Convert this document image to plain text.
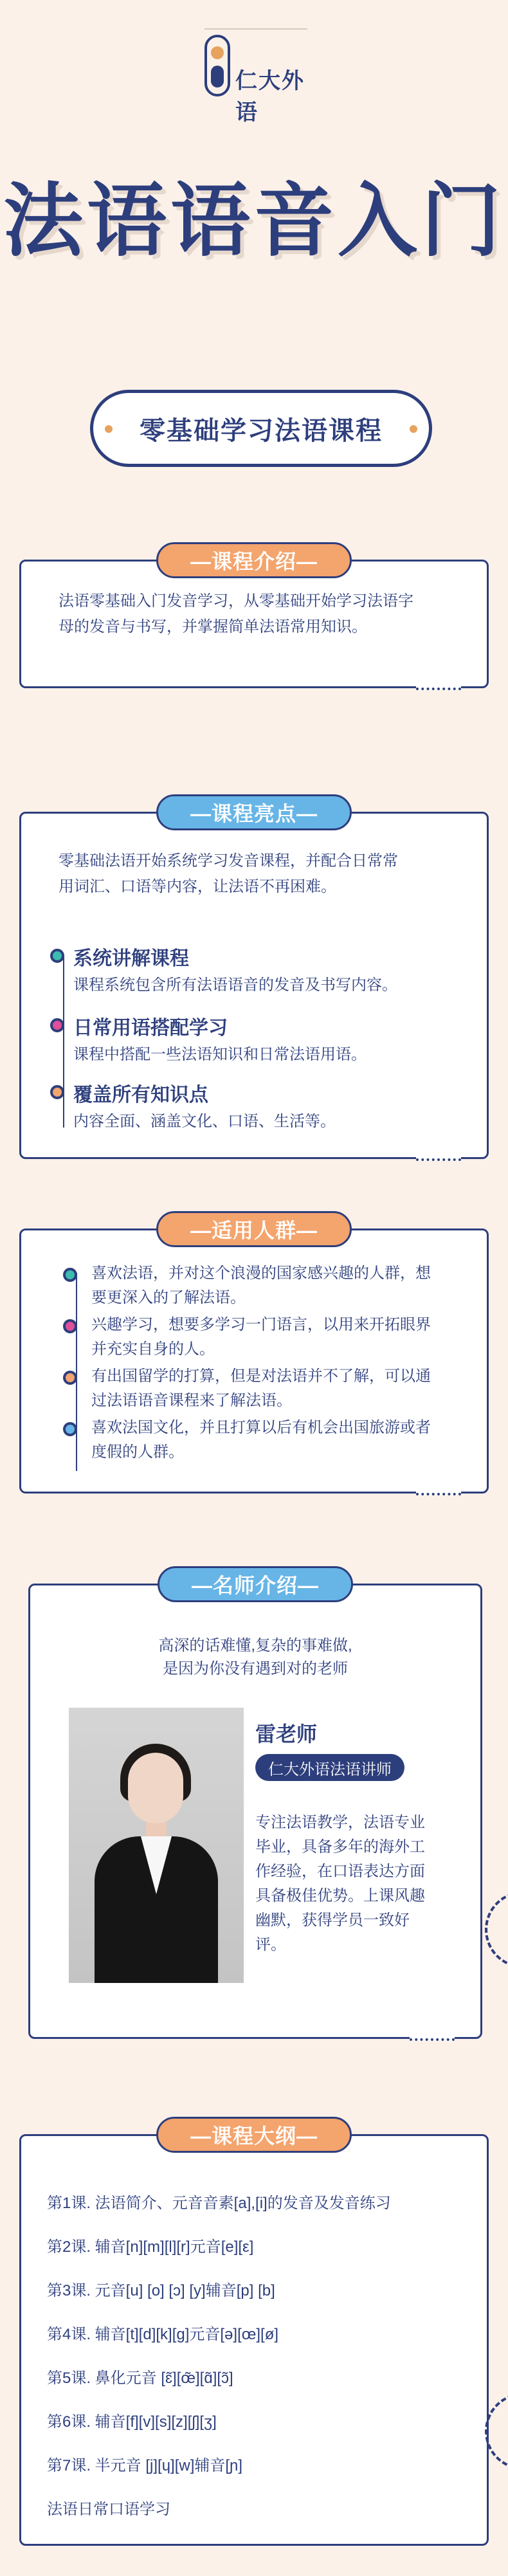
仁大外语
法语语音入门
零基础学习法语课程
—课程介绍—
法语零基础入门发音学习，从零基础开始学习法语字
母的发音与书写，并掌握简单法语常用知识。
—课程亮点—
零基础法语开始系统学习发音课程，并配合日常常
用词汇、口语等内容，让法语不再困难。
系统讲解课程
课程系统包含所有法语语音的发音及书写内容。
日常用语搭配学习
课程中搭配一些法语知识和日常法语用语。
覆盖所有知识点
内容全面、涵盖文化、口语、生活等。
—适用人群—
喜欢法语，并对这个浪漫的国家感兴趣的人群，想
要更深入的了解法语。
兴趣学习，想要多学习一门语言，以用来开拓眼界
并充实自身的人。
有出国留学的打算，但是对法语并不了解，可以通
过法语语音课程来了解法语。
喜欢法国文化，并且打算以后有机会出国旅游或者
度假的人群。
—名师介绍—
高深的话难懂,复杂的事难做,
是因为你没有遇到对的老师
雷老师
仁大外语法语讲师
专注法语教学，法语专业
毕业，具备多年的海外工
作经验，在口语表达方面
具备极佳优势。上课风趣
幽默，获得学员一致好
评。
—课程大纲—
第1课. 法语简介、元音音素[a],[i]的发音及发音练习
第2课. 辅音[n][m][l][r]元音[e][ε]
第3课. 元音[u] [o] [ɔ] [y]辅音[p] [b]
第4课. 辅音[t][d][k][g]元音[ə][œ][ø]
第5课. 鼻化元音 [ɛ̃][œ̃][ɑ̃][ɔ̃]
第6课. 辅音[f][v][s][z][ʃ][ʒ]
第7课. 半元音 [j][ɥ][w]辅音[ɲ]
法语日常口语学习
